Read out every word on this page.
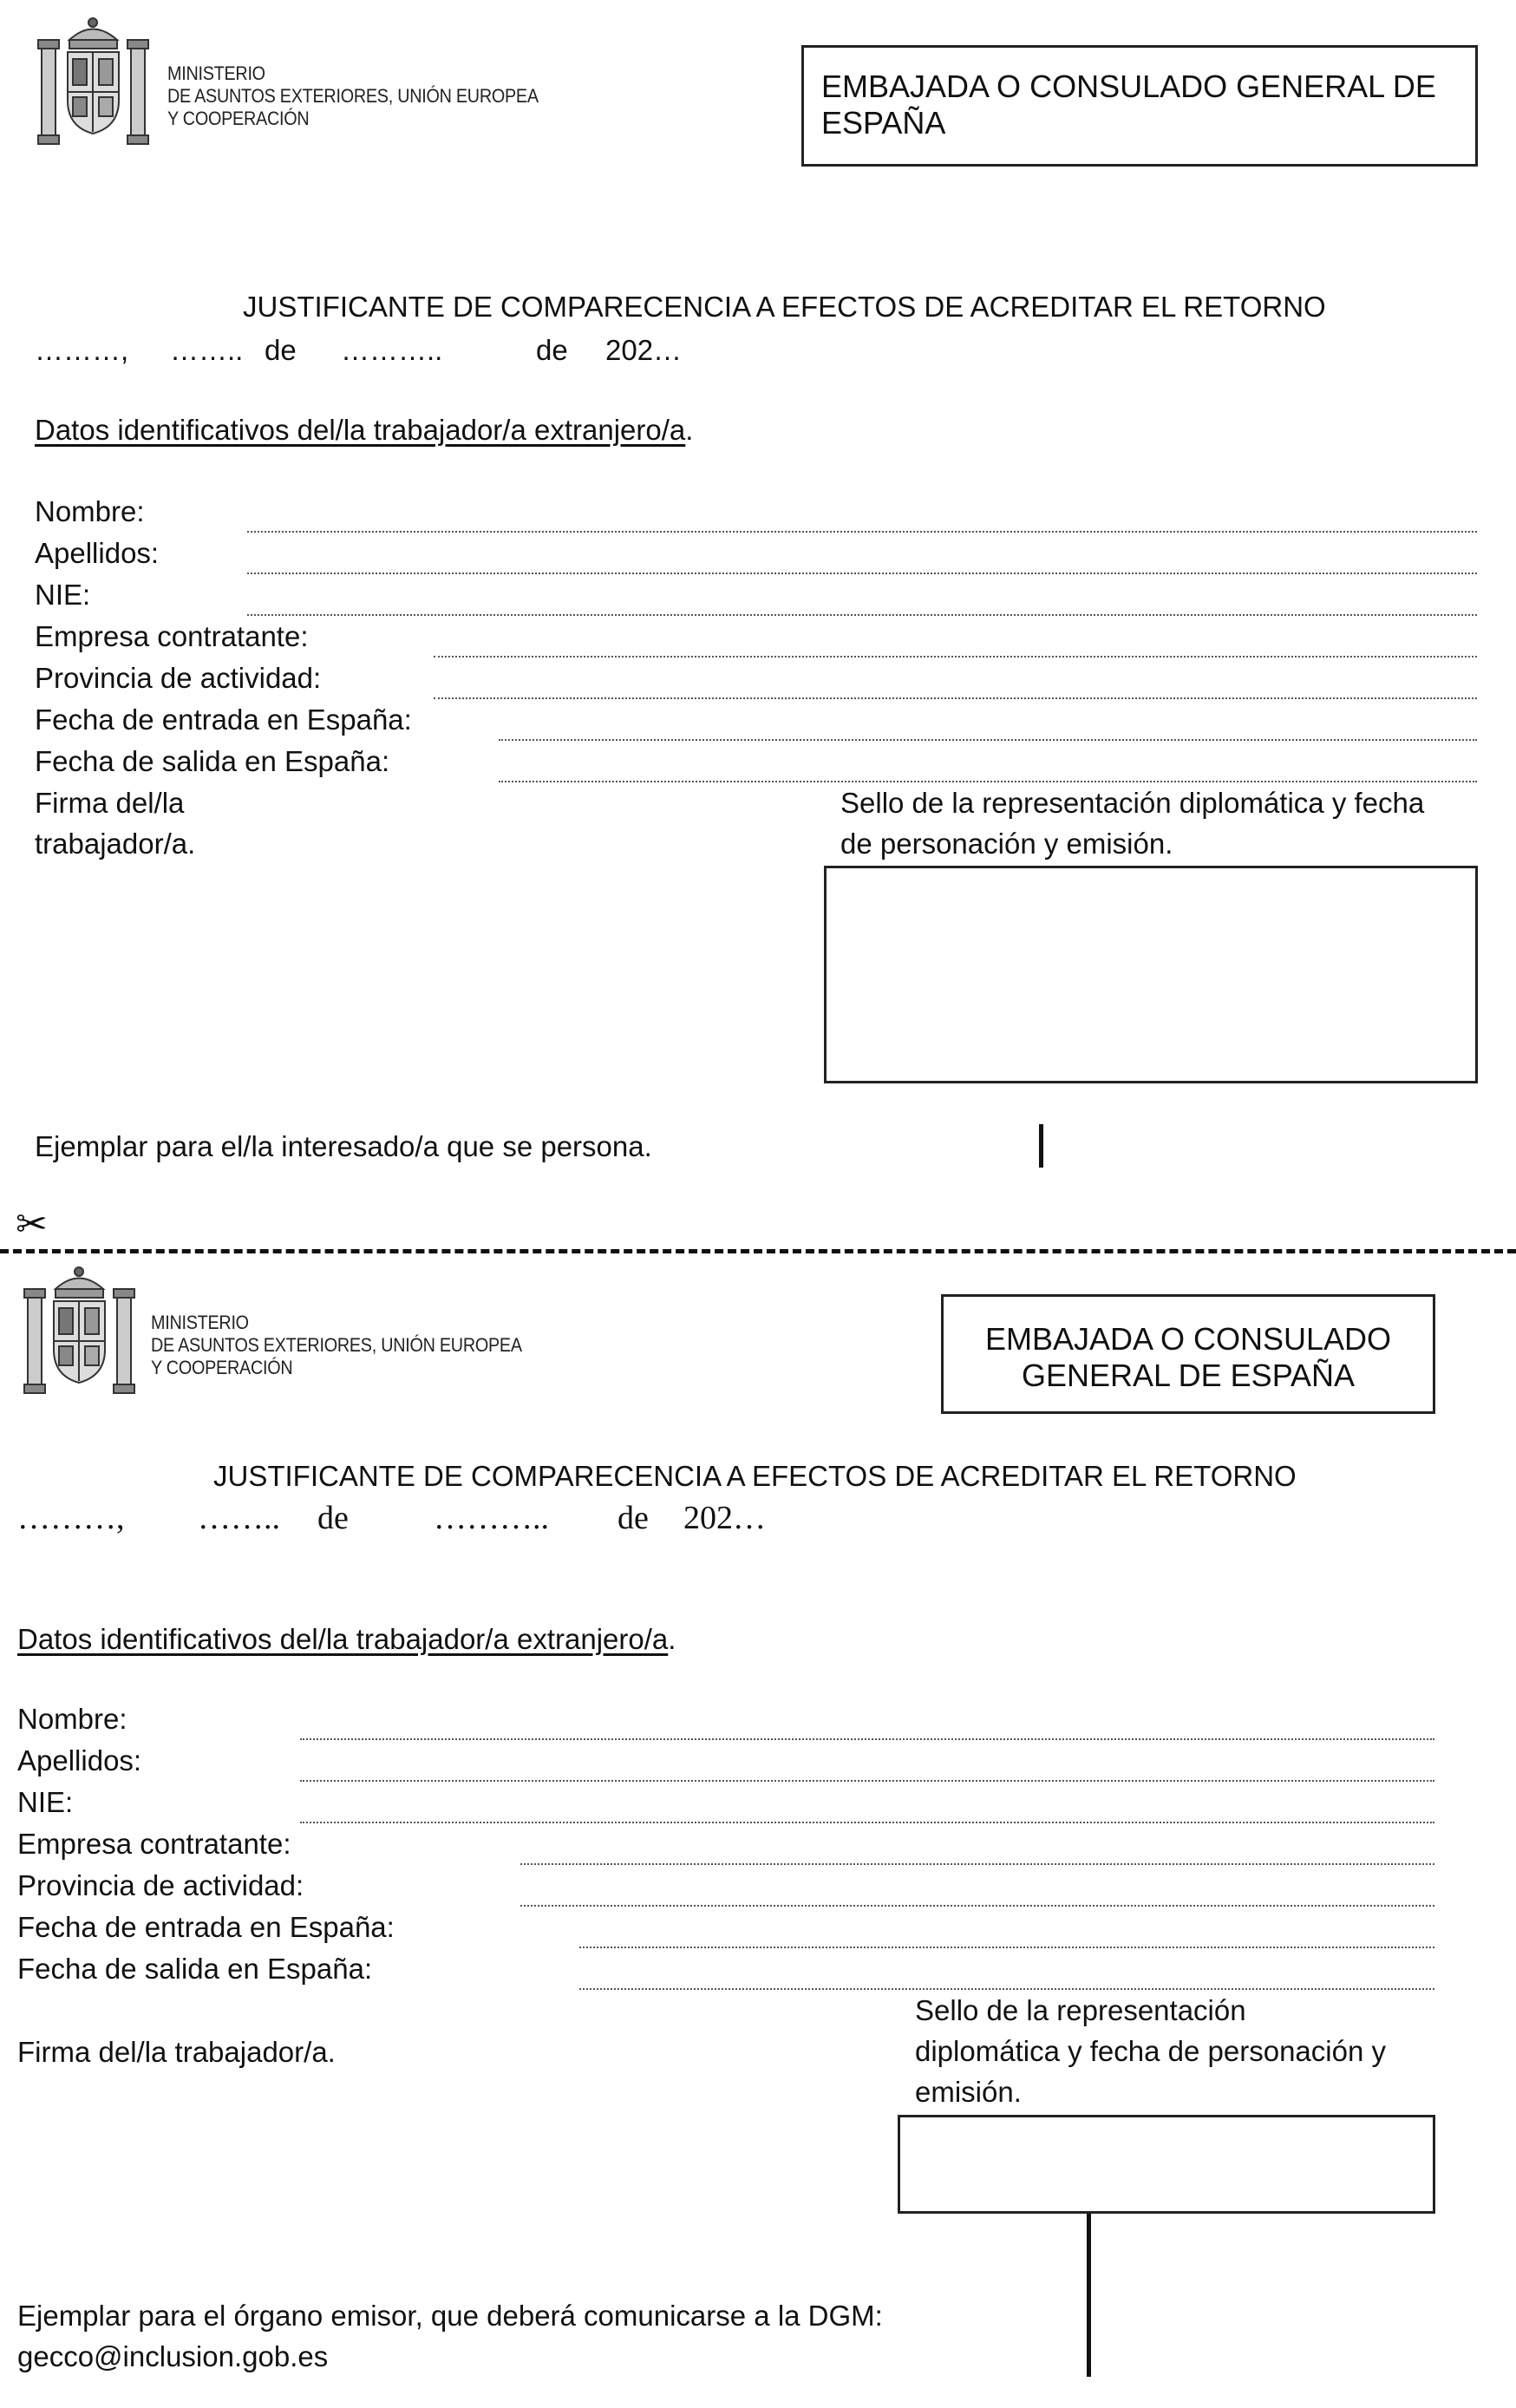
MINISTERIO
DE ASUNTOS EXTERIORES, UNIÓN EUROPEA
Y COOPERACIÓN
EMBAJADA O CONSULADO GENERAL DE
ESPAÑA
JUSTIFICANTE DE COMPARECENCIA A EFECTOS DE ACREDITAR EL RETORNO
………, …….. de ………..	de 202…
Datos identificativos del/la trabajador/a extranjero/a.
Nombre:
Apellidos:
NIE:
Empresa contratante:
Provincia de actividad:
Fecha de entrada en España:
Fecha de salida en España:
Firma del/la
trabajador/a.
Sello de la representación diplomática y fecha
de personación y emisión.
Ejemplar para el/la interesado/a que se persona.
✂
MINISTERIO
DE ASUNTOS EXTERIORES, UNIÓN EUROPEA
Y COOPERACIÓN
EMBAJADA O CONSULADO
GENERAL DE ESPAÑA
JUSTIFICANTE DE COMPARECENCIA A EFECTOS DE ACREDITAR EL RETORNO
………, …….. de	……….. de 202…
Datos identificativos del/la trabajador/a extranjero/a.
Nombre:
Apellidos:
NIE:
Empresa contratante:
Provincia de actividad:
Fecha de entrada en España:
Fecha de salida en España:
Sello de la representación
diplomática y fecha de personación y
emisión.
Firma del/la trabajador/a.
Ejemplar para el órgano emisor, que deberá comunicarse a la DGM:
gecco@inclusion.gob.es
